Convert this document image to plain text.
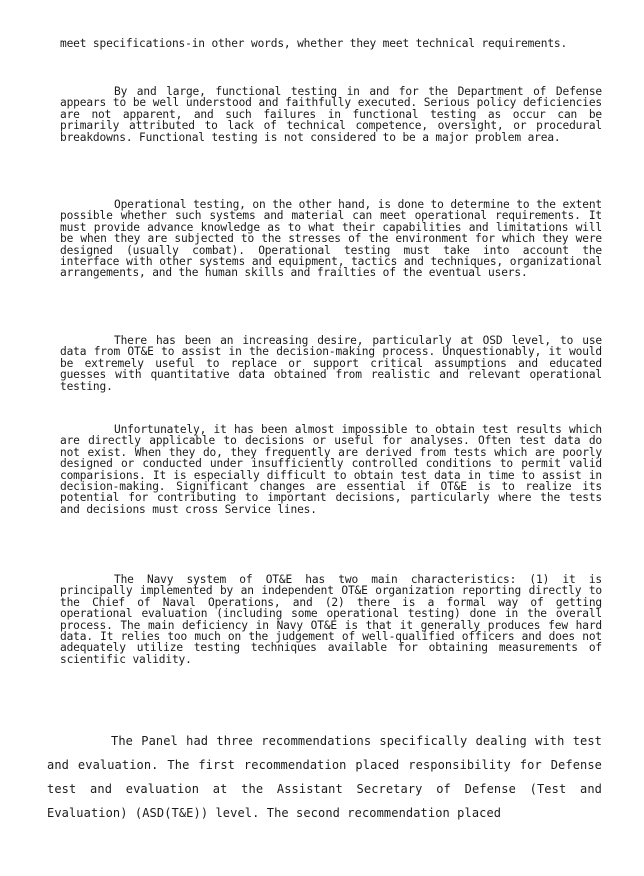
meet specifications-in other words, whether they meet technical requirements.

By and large, functional testing in and for the Department of Defense appears to be well understood and faithfully executed. Serious policy deficiencies are not apparent, and such failures in functional testing as occur can be primarily attributed to lack of technical competence, oversight, or procedural breakdowns. Functional testing is not considered to be a major problem area.

Operational testing, on the other hand, is done to determine to the extent possible whether such systems and material can meet operational requirements. It must provide advance knowledge as to what their capabilities and limitations will be when they are subjected to the stresses of the environment for which they were designed (usually combat). Operational testing must take into account the interface with other systems and equipment, tactics and techniques, organizational arrangements, and the human skills and frailties of the eventual users.

There has been an increasing desire, particularly at OSD level, to use data from OT&E to assist in the decision-making process. Unquestionably, it would be extremely useful to replace or support critical assumptions and educated guesses with quantitative data obtained from realistic and relevant operational testing.

Unfortunately, it has been almost impossible to obtain test results which are directly applicable to decisions or useful for analyses. Often test data do not exist. When they do, they frequently are derived from tests which are poorly designed or conducted under insufficiently controlled conditions to permit valid comparisions. It is especially difficult to obtain test data in time to assist in decision-making. Significant changes are essential if OT&E is to realize its potential for contributing to important decisions, particularly where the tests and decisions must cross Service lines.

The Navy system of OT&E has two main characteristics: (1) it is principally implemented by an independent OT&E organization reporting directly to the Chief of Naval Operations, and (2) there is a formal way of getting operational evaluation (including some operational testing) done in the overall process. The main deficiency in Navy OT&E is that it generally produces few hard data. It relies too much on the judgement of well-qualified officers and does not adequately utilize testing techniques available for obtaining measurements of scientific validity.

The Panel had three recommendations specifically dealing with test and evaluation. The first recommendation placed responsibility for Defense test and evaluation at the Assistant Secretary of Defense (Test and Evaluation) (ASD(T&E)) level. The second recommendation placed
